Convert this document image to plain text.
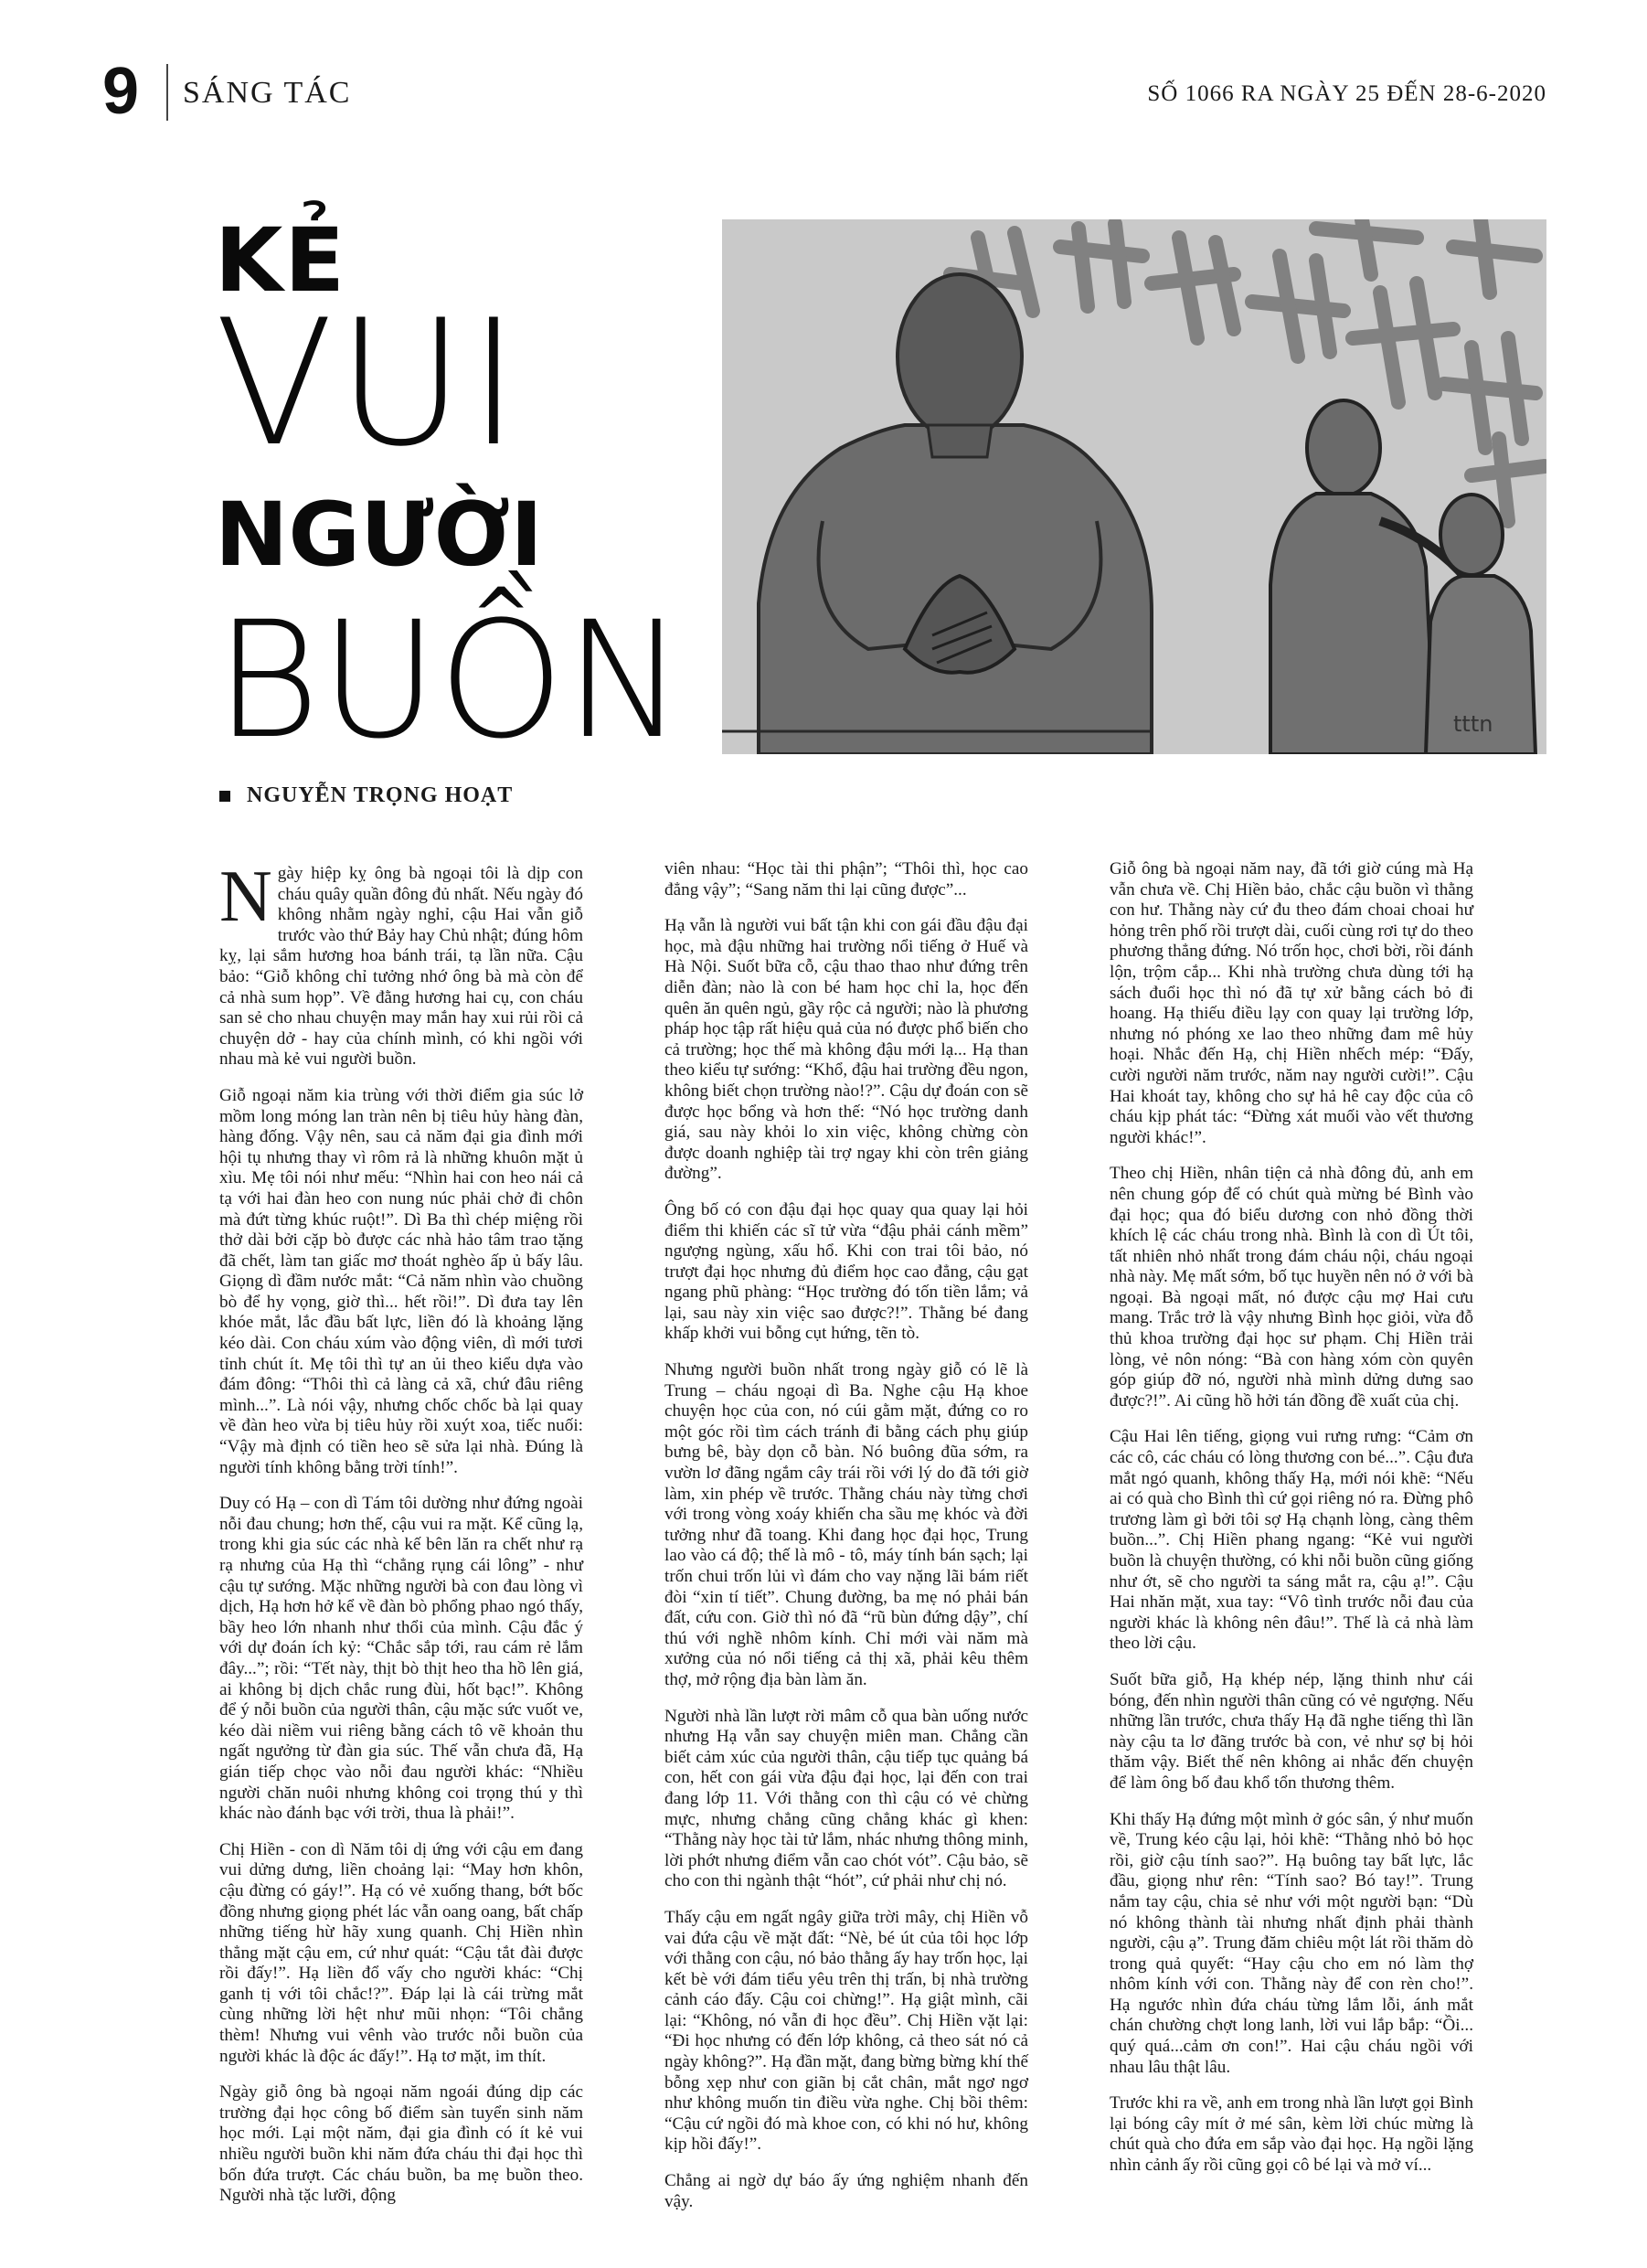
9 SÁNG TÁC	SỐ 1066 RA NGÀY 25 ĐẾN 28-6-2020
KẺ
VUI
NGƯỜI
BUỒN	tttn
NGUYỄN TRỌNG HOẠT

Ngày hiệp kỵ ông bà ngoại tôi là dịp con cháu quây quần đông đủ nhất. Nếu ngày đó không nhằm ngày nghỉ, cậu Hai vẫn giỗ trước vào thứ Bảy hay Chủ nhật; đúng hôm kỵ, lại sắm hương hoa bánh trái, tạ lần nữa. Cậu bảo: “Giỗ không chỉ tưởng nhớ ông bà mà còn để cả nhà sum họp”. Về đằng hương hai cụ, con cháu san sẻ cho nhau chuyện may mắn hay xui rủi rồi cả chuyện dở - hay của chính mình, có khi ngồi với nhau mà kẻ vui người buồn.

Giỗ ngoại năm kia trùng với thời điểm gia súc lở mồm long móng lan tràn nên bị tiêu hủy hàng đàn, hàng đống. Vậy nên, sau cả năm đại gia đình mới hội tụ nhưng thay vì rôm rả là những khuôn mặt ủ xìu. Mẹ tôi nói như mếu: “Nhìn hai con heo nái cả tạ với hai đàn heo con nung núc phải chở đi chôn mà đứt từng khúc ruột!”. Dì Ba thì chép miệng rồi thở dài bởi cặp bò được các nhà hảo tâm trao tặng đã chết, làm tan giấc mơ thoát nghèo ấp ủ bấy lâu. Giọng dì đầm nước mắt: “Cả năm nhìn vào chuồng bò để hy vọng, giờ thì... hết rồi!”. Dì đưa tay lên khóe mắt, lắc đầu bất lực, liền đó là khoảng lặng kéo dài. Con cháu xúm vào động viên, dì mới tươi tỉnh chút ít. Mẹ tôi thì tự an ủi theo kiểu dựa vào đám đông: “Thôi thì cả làng cả xã, chứ đâu riêng mình...”. Là nói vậy, nhưng chốc chốc bà lại quay về đàn heo vừa bị tiêu hủy rồi xuýt xoa, tiếc nuối: “Vậy mà định có tiền heo sẽ sửa lại nhà. Đúng là người tính không bằng trời tính!”.

Duy có Hạ – con dì Tám tôi dường như đứng ngoài nỗi đau chung; hơn thế, cậu vui ra mặt. Kể cũng lạ, trong khi gia súc các nhà kế bên lăn ra chết như rạ rạ nhưng của Hạ thì “chẳng rụng cái lông” - như cậu tự sướng. Mặc những người bà con đau lòng vì dịch, Hạ hơn hở kể về đàn bò phổng phao ngó thấy, bầy heo lớn nhanh như thổi của mình. Cậu đắc ý với dự đoán ích kỷ: “Chắc sắp tới, rau cám rẻ lắm đây...”; rồi: “Tết này, thịt bò thịt heo tha hồ lên giá, ai không bị dịch chắc rung đùi, hốt bạc!”. Không để ý nỗi buồn của người thân, cậu mặc sức vuốt ve, kéo dài niềm vui riêng bằng cách tô vẽ khoản thu ngất ngưởng từ đàn gia súc. Thế vẫn chưa đã, Hạ gián tiếp chọc vào nỗi đau người khác: “Nhiều người chăn nuôi nhưng không coi trọng thú y thì khác nào đánh bạc với trời, thua là phải!”.

Chị Hiền - con dì Năm tôi dị ứng với cậu em đang vui dửng dưng, liền choảng lại: “May hơn khôn, cậu đừng có gáy!”. Hạ có vẻ xuống thang, bớt bốc đồng nhưng giọng phét lác vẫn oang oang, bất chấp những tiếng hừ hãy xung quanh. Chị Hiền nhìn thẳng mặt cậu em, cứ như quát: “Cậu tắt đài được rồi đấy!”. Hạ liền đổ vấy cho người khác: “Chị ganh tị với tôi chắc!?”. Đáp lại là cái trừng mắt cùng những lời hệt như mũi nhọn: “Tôi chẳng thèm! Nhưng vui vênh vào trước nỗi buồn của người khác là độc ác đấy!”. Hạ tơ mặt, im thít.

Ngày giỗ ông bà ngoại năm ngoái đúng dịp các trường đại học công bố điểm sàn tuyển sinh năm học mới. Lại một năm, đại gia đình có ít kẻ vui nhiều người buồn khi năm đứa cháu thi đại học thì bốn đứa trượt. Các cháu buồn, ba mẹ buồn theo. Người nhà tặc lưỡi, động

viên nhau: “Học tài thi phận”; “Thôi thì, học cao đẳng vậy”; “Sang năm thi lại cũng được”...

Hạ vẫn là người vui bất tận khi con gái đầu đậu đại học, mà đậu những hai trường nổi tiếng ở Huế và Hà Nội. Suốt bữa cỗ, cậu thao thao như đứng trên diễn đàn; nào là con bé ham học chỉ la, học đến quên ăn quên ngủ, gầy rộc cả người; nào là phương pháp học tập rất hiệu quả của nó được phổ biến cho cả trường; học thế mà không đậu mới lạ... Hạ than theo kiểu tự sướng: “Khổ, đậu hai trường đều ngon, không biết chọn trường nào!?”. Cậu dự đoán con sẽ được học bổng và hơn thế: “Nó học trường danh giá, sau này khỏi lo xin việc, không chừng còn được doanh nghiệp tài trợ ngay khi còn trên giảng đường”.

Ông bố có con đậu đại học quay qua quay lại hỏi điểm thi khiến các sĩ tử vừa “đậu phải cánh mềm” ngượng ngùng, xấu hổ. Khi con trai tôi bảo, nó trượt đại học nhưng đủ điểm học cao đẳng, cậu gạt ngang phũ phàng: “Học trường đó tốn tiền lắm; vả lại, sau này xin việc sao được?!”. Thằng bé đang khấp khởi vui bỗng cụt hứng, tẽn tò.

Nhưng người buồn nhất trong ngày giỗ có lẽ là Trung – cháu ngoại dì Ba. Nghe cậu Hạ khoe chuyện học của con, nó cúi gằm mặt, đứng co ro một góc rồi tìm cách tránh đi bằng cách phụ giúp bưng bê, bày dọn cỗ bàn. Nó buông đũa sớm, ra vườn lơ đãng ngắm cây trái rồi với lý do đã tới giờ làm, xin phép về trước. Thằng cháu này từng chơi với trong vòng xoáy khiến cha sầu mẹ khóc và đời tưởng như đã toang. Khi đang học đại học, Trung lao vào cá độ; thế là mô - tô, máy tính bán sạch; lại trốn chui trốn lủi vì đám cho vay nặng lãi bám riết đòi “xin tí tiết”. Chung đường, ba mẹ nó phải bán đất, cứu con. Giờ thì nó đã “rũ bùn đứng dậy”, chí thú với nghề nhôm kính. Chỉ mới vài năm mà xưởng của nó nổi tiếng cả thị xã, phải kêu thêm thợ, mở rộng địa bàn làm ăn.

Người nhà lần lượt rời mâm cỗ qua bàn uống nước nhưng Hạ vẫn say chuyện miên man. Chẳng cần biết cảm xúc của người thân, cậu tiếp tục quảng bá con, hết con gái vừa đậu đại học, lại đến con trai đang lớp 11. Với thằng con thì cậu có vẻ chừng mực, nhưng chẳng cũng chẳng khác gì khen: “Thằng này học tài tử lắm, nhác nhưng thông minh, lời phớt nhưng điểm vẫn cao chót vót”. Cậu bảo, sẽ cho con thi ngành thật “hót”, cứ phải như chị nó.

Thấy cậu em ngất ngây giữa trời mây, chị Hiền vỗ vai đứa cậu về mặt đất: “Nè, bé út của tôi học lớp với thằng con cậu, nó bảo thằng ấy hay trốn học, lại kết bè với đám tiểu yêu trên thị trấn, bị nhà trường cảnh cáo đấy. Cậu coi chừng!”. Hạ giật mình, cãi lại: “Không, nó vẫn đi học đều”. Chị Hiền vặt lại: “Đi học nhưng có đến lớp không, cả theo sát nó cả ngày không?”. Hạ đần mặt, đang bừng bừng khí thế bỗng xẹp như con giãn bị cắt chân, mắt ngơ ngơ như không muốn tin điều vừa nghe. Chị bồi thêm: “Cậu cứ ngồi đó mà khoe con, có khi nó hư, không kịp hồi đấy!”.

Chẳng ai ngờ dự báo ấy ứng nghiệm nhanh đến vậy.

Giỗ ông bà ngoại năm nay, đã tới giờ cúng mà Hạ vẫn chưa về. Chị Hiền bảo, chắc cậu buồn vì thằng con hư. Thằng này cứ đu theo đám choai choai hư hỏng trên phố rồi trượt dài, cuối cùng rơi tự do theo phương thẳng đứng. Nó trốn học, chơi bời, rồi đánh lộn, trộm cắp... Khi nhà trường chưa dùng tới hạ sách đuổi học thì nó đã tự xử bằng cách bỏ đi hoang. Hạ thiếu điều lạy con quay lại trường lớp, nhưng nó phóng xe lao theo những đam mê hủy hoại. Nhắc đến Hạ, chị Hiền nhếch mép: “Đấy, cười người năm trước, năm nay người cười!”. Cậu Hai khoát tay, không cho sự hả hê cay độc của cô cháu kịp phát tác: “Đừng xát muối vào vết thương người khác!”.

Theo chị Hiền, nhân tiện cả nhà đông đủ, anh em nên chung góp để có chút quà mừng bé Bình vào đại học; qua đó biểu dương con nhỏ đồng thời khích lệ các cháu trong nhà. Bình là con dì Út tôi, tất nhiên nhỏ nhất trong đám cháu nội, cháu ngoại nhà này. Mẹ mất sớm, bố tục huyền nên nó ở với bà ngoại. Bà ngoại mất, nó được cậu mợ Hai cưu mang. Trắc trở là vậy nhưng Bình học giỏi, vừa đỗ thủ khoa trường đại học sư phạm. Chị Hiền trải lòng, vẻ nôn nóng: “Bà con hàng xóm còn quyên góp giúp đỡ nó, người nhà mình dửng dưng sao được?!”. Ai cũng hồ hởi tán đồng đề xuất của chị.

Cậu Hai lên tiếng, giọng vui rưng rưng: “Cảm ơn các cô, các cháu có lòng thương con bé...”. Cậu đưa mắt ngó quanh, không thấy Hạ, mới nói khẽ: “Nếu ai có quà cho Bình thì cứ gọi riêng nó ra. Đừng phô trương làm gì bởi tôi sợ Hạ chạnh lòng, càng thêm buồn...”. Chị Hiền phang ngang: “Kẻ vui người buồn là chuyện thường, có khi nỗi buồn cũng giống như ớt, sẽ cho người ta sáng mắt ra, cậu ạ!”. Cậu Hai nhăn mặt, xua tay: “Vô tình trước nỗi đau của người khác là không nên đâu!”. Thế là cả nhà làm theo lời cậu.

Suốt bữa giỗ, Hạ khép nép, lặng thinh như cái bóng, đến nhìn người thân cũng có vẻ ngượng. Nếu những lần trước, chưa thấy Hạ đã nghe tiếng thì lần này cậu ta lơ đãng trước bà con, vẻ như sợ bị hỏi thăm vậy. Biết thế nên không ai nhắc đến chuyện để làm ông bố đau khổ tổn thương thêm.

Khi thấy Hạ đứng một mình ở góc sân, ý như muốn về, Trung kéo cậu lại, hỏi khẽ: “Thằng nhỏ bỏ học rồi, giờ cậu tính sao?”. Hạ buông tay bất lực, lắc đầu, giọng như rên: “Tính sao? Bó tay!”. Trung nắm tay cậu, chia sẻ như với một người bạn: “Dù nó không thành tài nhưng nhất định phải thành người, cậu ạ”. Trung đăm chiêu một lát rồi thăm dò trong quả quyết: “Hay cậu cho em nó làm thợ nhôm kính với con. Thằng này để con rèn cho!”. Hạ ngước nhìn đứa cháu từng lắm lỗi, ánh mắt chán chường chợt long lanh, lời vui lắp bắp: “Ồi... quý quá...cảm ơn con!”. Hai cậu cháu ngồi với nhau lâu thật lâu.

Trước khi ra về, anh em trong nhà lần lượt gọi Bình lại bóng cây mít ở mé sân, kèm lời chúc mừng là chút quà cho đứa em sắp vào đại học. Hạ ngồi lặng nhìn cảnh ấy rồi cũng gọi cô bé lại và mở ví...
